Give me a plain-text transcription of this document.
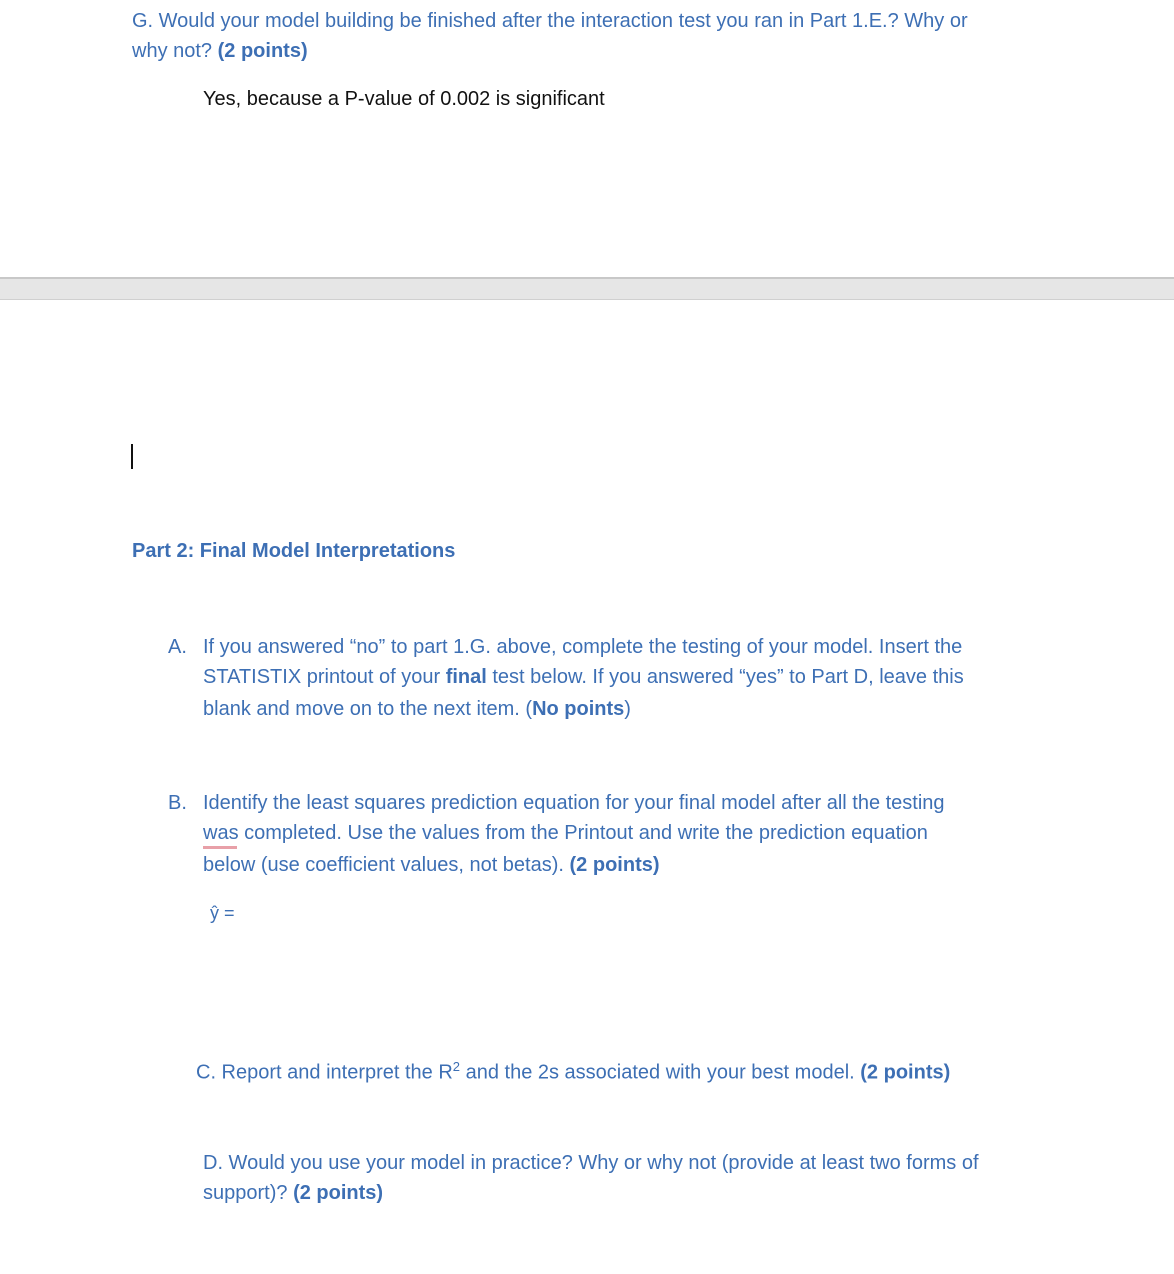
G. Would your model building be finished after the interaction test you ran in Part 1.E.? Why or
why not? (2 points)
Yes, because a P-value of 0.002 is significant
Part 2: Final Model Interpretations
A. If you answered “no” to part 1.G. above, complete the testing of your model. Insert the
STATISTIX printout of your final test below. If you answered “yes” to Part D, leave this
blank and move on to the next item. (No points)
B. Identify the least squares prediction equation for your final model after all the testing
was completed. Use the values from the Printout and write the prediction equation
below (use coefficient values, not betas). (2 points)
ŷ =
C. Report and interpret the $R^2$ and the 2s associated with your best model. (2 points)
D. Would you use your model in practice? Why or why not (provide at least two forms of
support)? (2 points)
